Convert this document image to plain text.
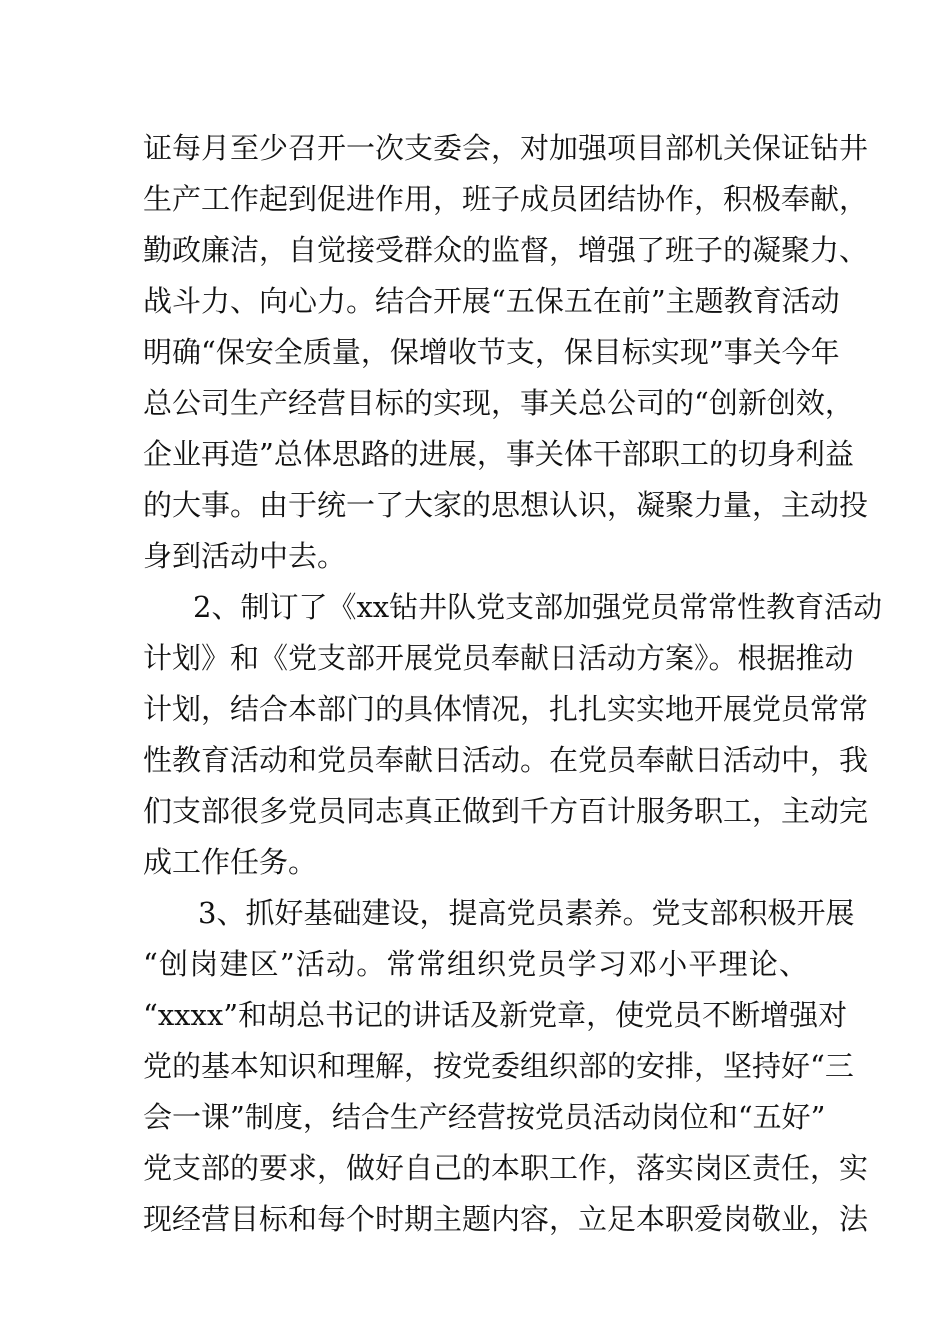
证每月至少召开一次支委会，对加强项目部机关保证钻井
生产工作起到促进作用，班子成员团结协作，积极奉献，
勤政廉洁，自觉接受群众的监督，增强了班子的凝聚力、
战斗力、向心力。结合开展“五保五在前”主题教育活动
明确“保安全质量，保增收节支，保目标实现”事关今年
总公司生产经营目标的实现，事关总公司的“创新创效，
企业再造”总体思路的进展，事关体干部职工的切身利益
的大事。由于统一了大家的思想认识，凝聚力量，主动投
身到活动中去。
2、制订了《xx钻井队党支部加强党员常常性教育活动
计划》和《党支部开展党员奉献日活动方案》。根据推动
计划，结合本部门的具体情况，扎扎实实地开展党员常常
性教育活动和党员奉献日活动。在党员奉献日活动中，我
们支部很多党员同志真正做到千方百计服务职工，主动完
成工作任务。
3、抓好基础建设，提高党员素养。党支部积极开展
“创岗建区”活动。常常组织党员学习邓小平理论、
“xxxx”和胡总书记的讲话及新党章，使党员不断增强对
党的基本知识和理解，按党委组织部的安排，坚持好“三
会一课”制度，结合生产经营按党员活动岗位和“五好”
党支部的要求，做好自己的本职工作，落实岗区责任，实
现经营目标和每个时期主题内容，立足本职爱岗敬业，法
